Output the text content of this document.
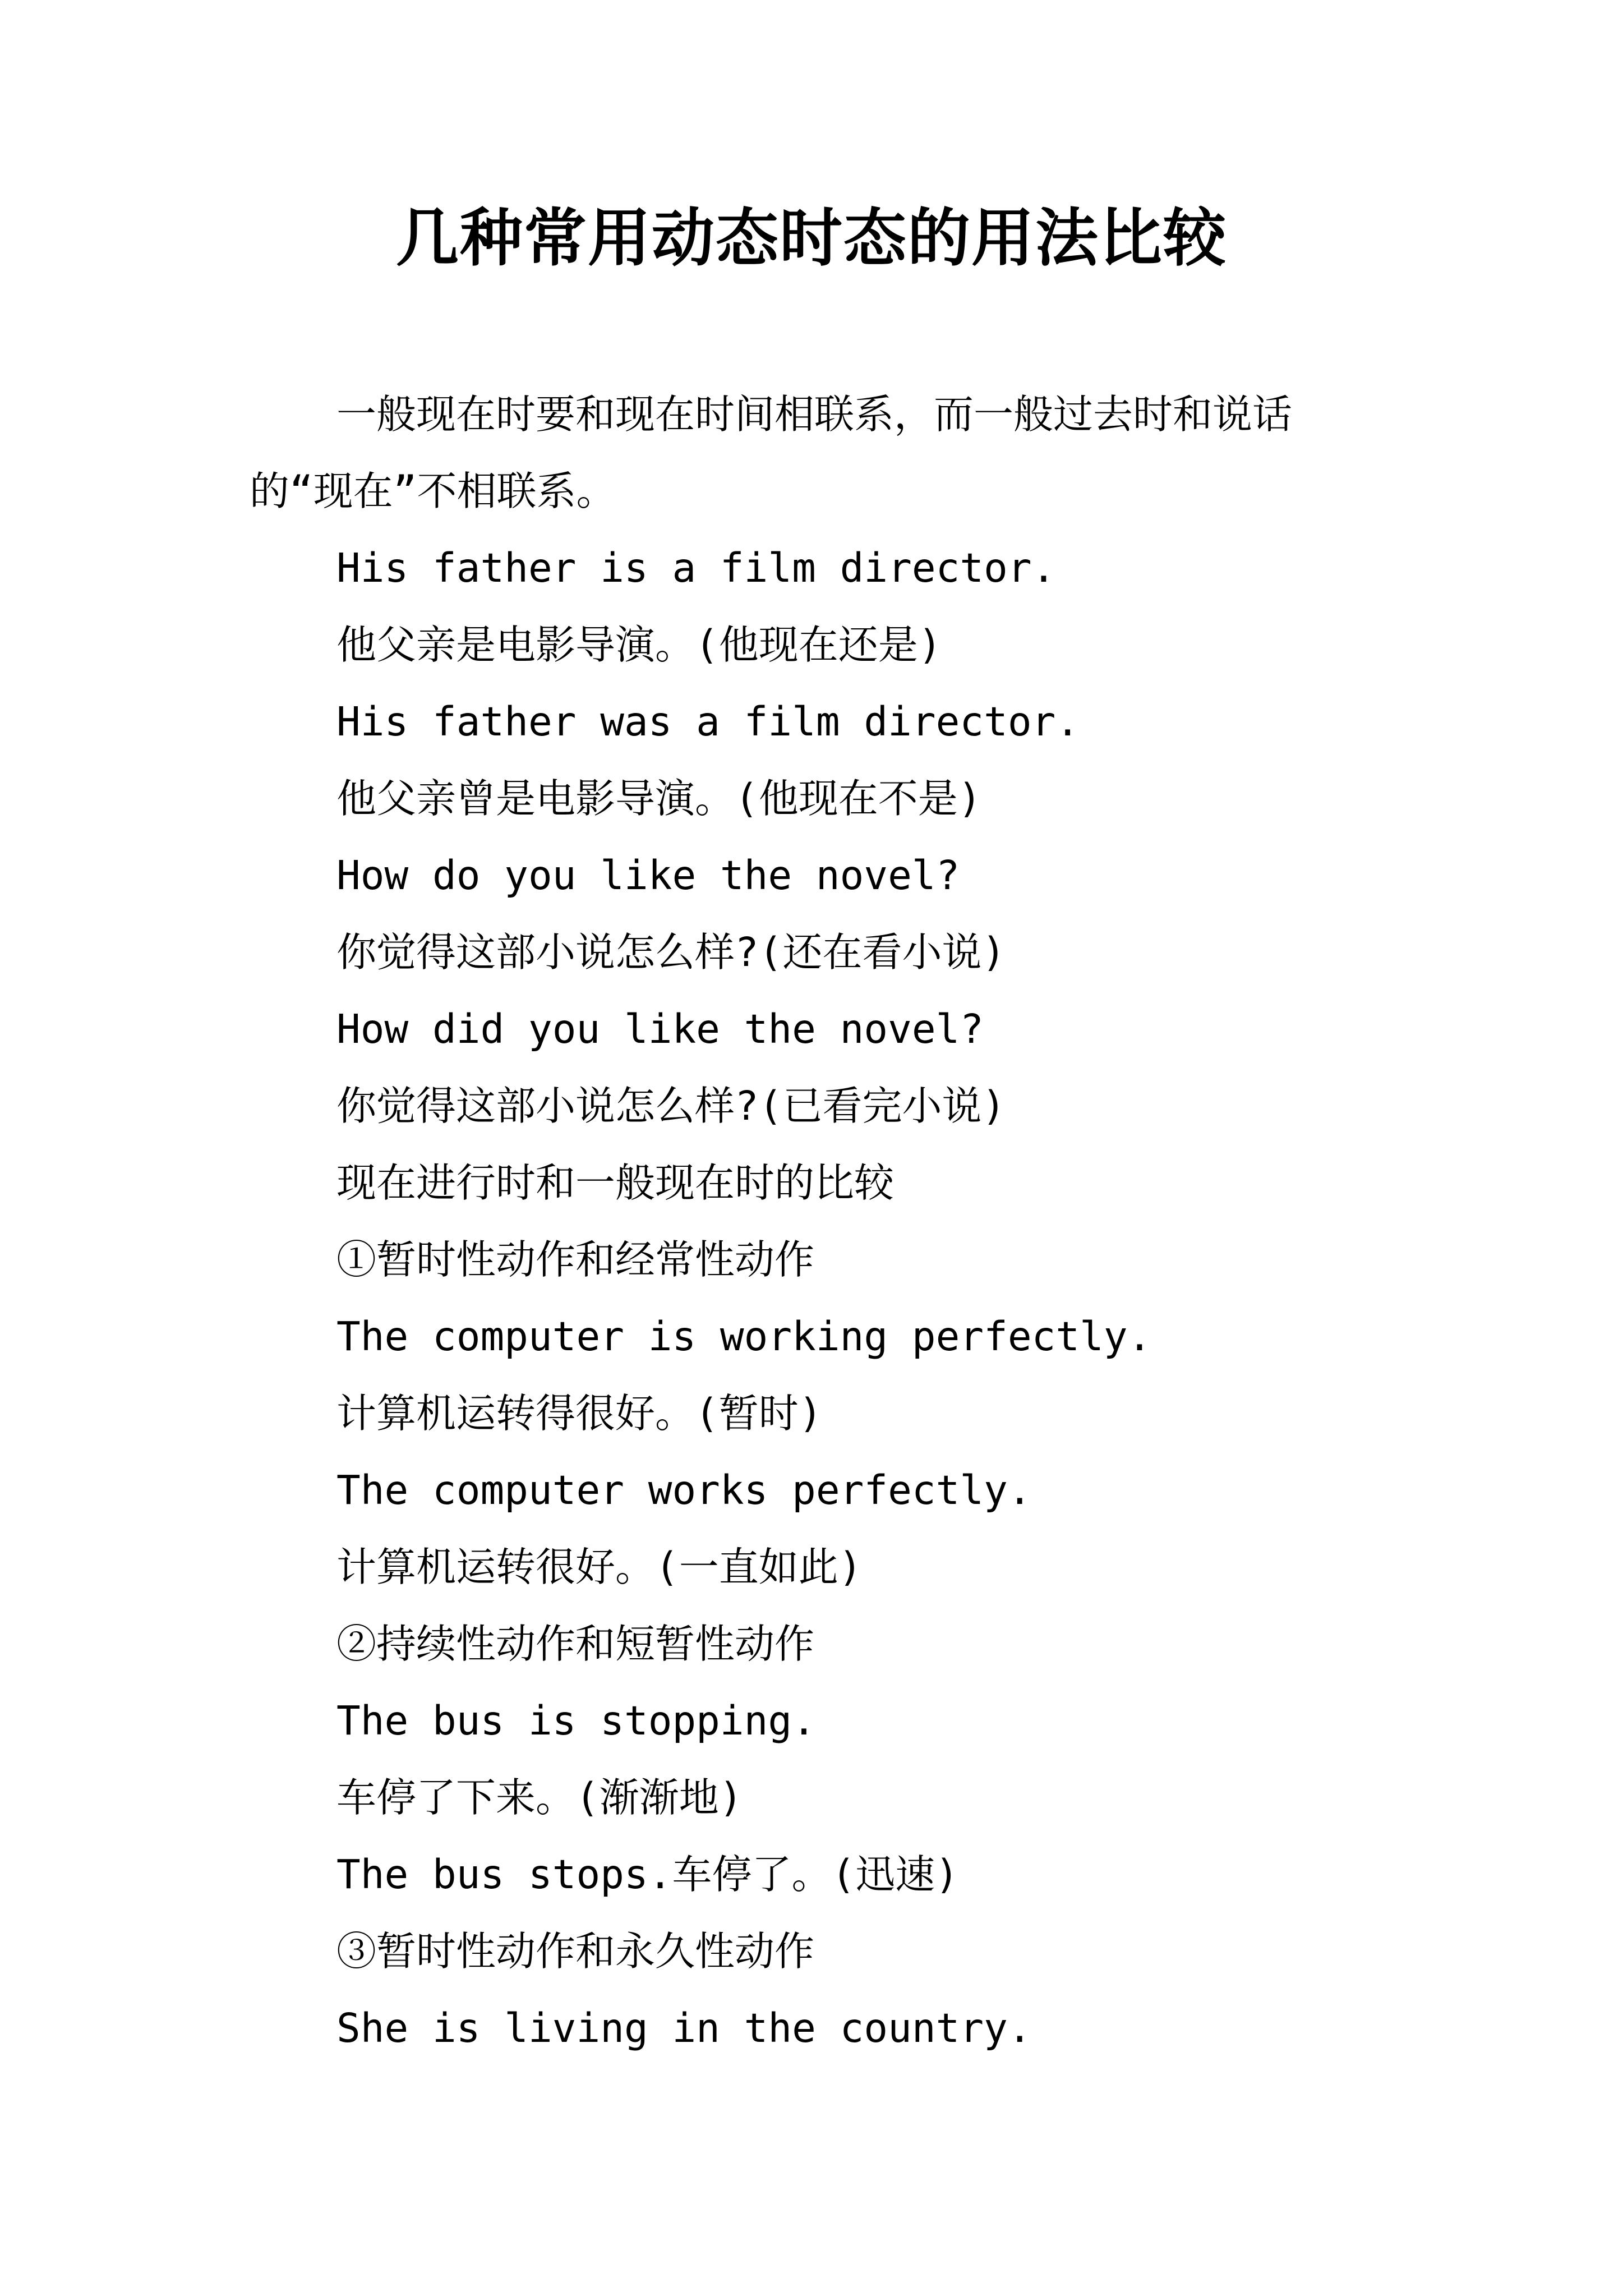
几种常用动态时态的用法比较

一般现在时要和现在时间相联系，而一般过去时和说话的“现在”不相联系。

His father is a film director.

他父亲是电影导演。(他现在还是)

His father was a film director.

他父亲曾是电影导演。(他现在不是)

How do you like the novel?

你觉得这部小说怎么样?(还在看小说)

How did you like the novel?

你觉得这部小说怎么样?(已看完小说)

现在进行时和一般现在时的比较

①暂时性动作和经常性动作

The computer is working perfectly.

计算机运转得很好。(暂时)

The computer works perfectly.

计算机运转很好。(一直如此)

②持续性动作和短暂性动作

The bus is stopping.

车停了下来。(渐渐地)

The bus stops.车停了。(迅速)

③暂时性动作和永久性动作

She is living in the country.
